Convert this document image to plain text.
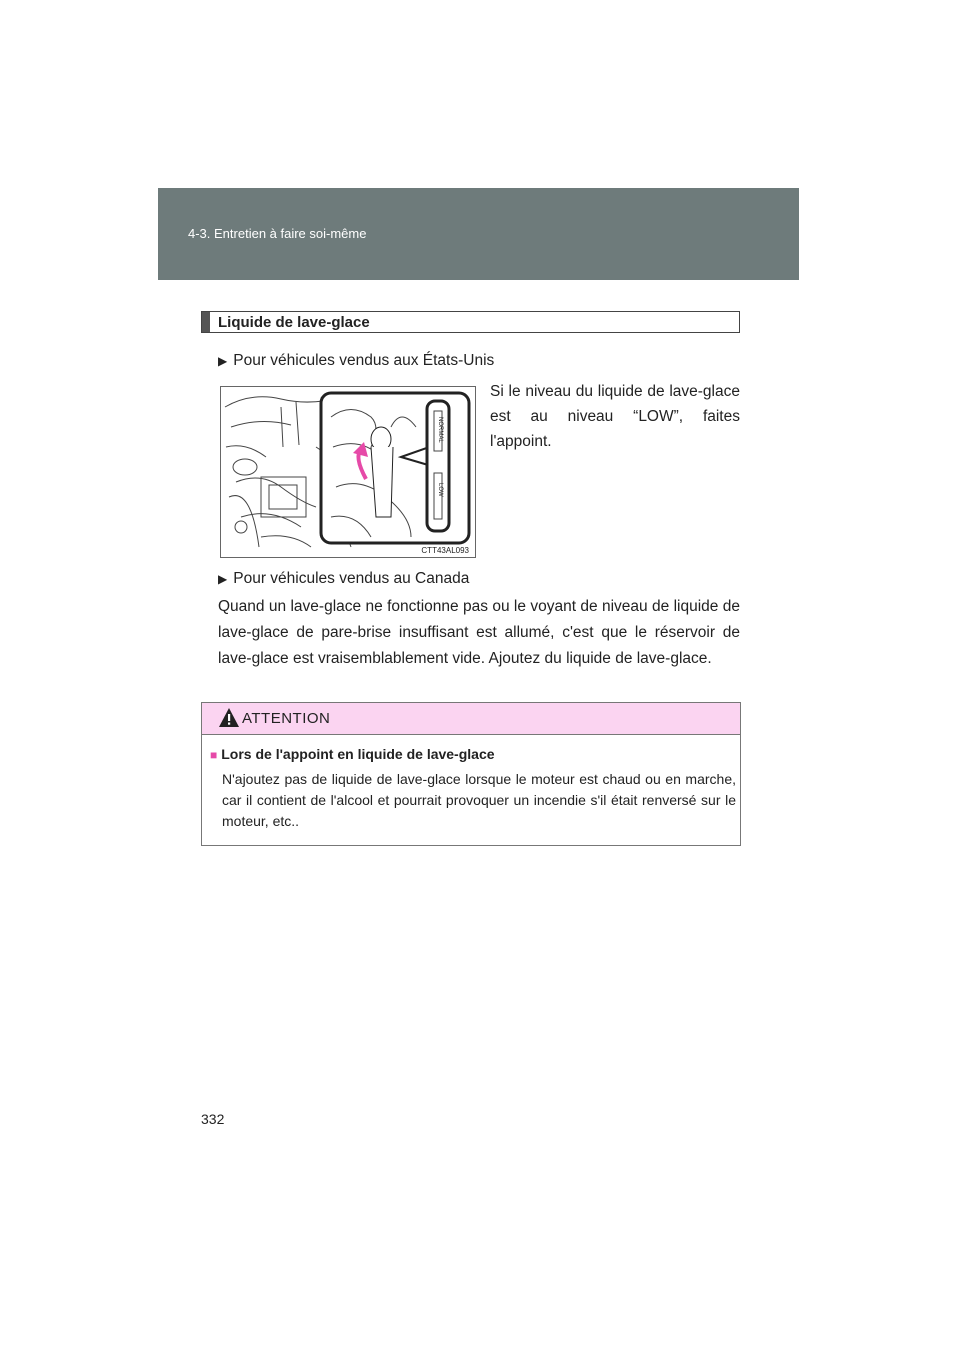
4-3. Entretien à faire soi-même
Liquide de lave-glace
▶ Pour véhicules vendus aux États-Unis
Si le niveau du liquide de lave-glace est au niveau “LOW”, faites l'appoint.
NORMAL
LOW
CTT43AL093
▶ Pour véhicules vendus au Canada
Quand un lave-glace ne fonctionne pas ou le voyant de niveau de liquide de lave-glace de pare-brise insuffisant est allumé, c'est que le réservoir de lave-glace est vraisemblablement vide. Ajoutez du liquide de lave-glace.
ATTENTION
■ Lors de l'appoint en liquide de lave-glace
N'ajoutez pas de liquide de lave-glace lorsque le moteur est chaud ou en marche, car il contient de l'alcool et pourrait provoquer un incendie s'il était renversé sur le moteur, etc..
332
